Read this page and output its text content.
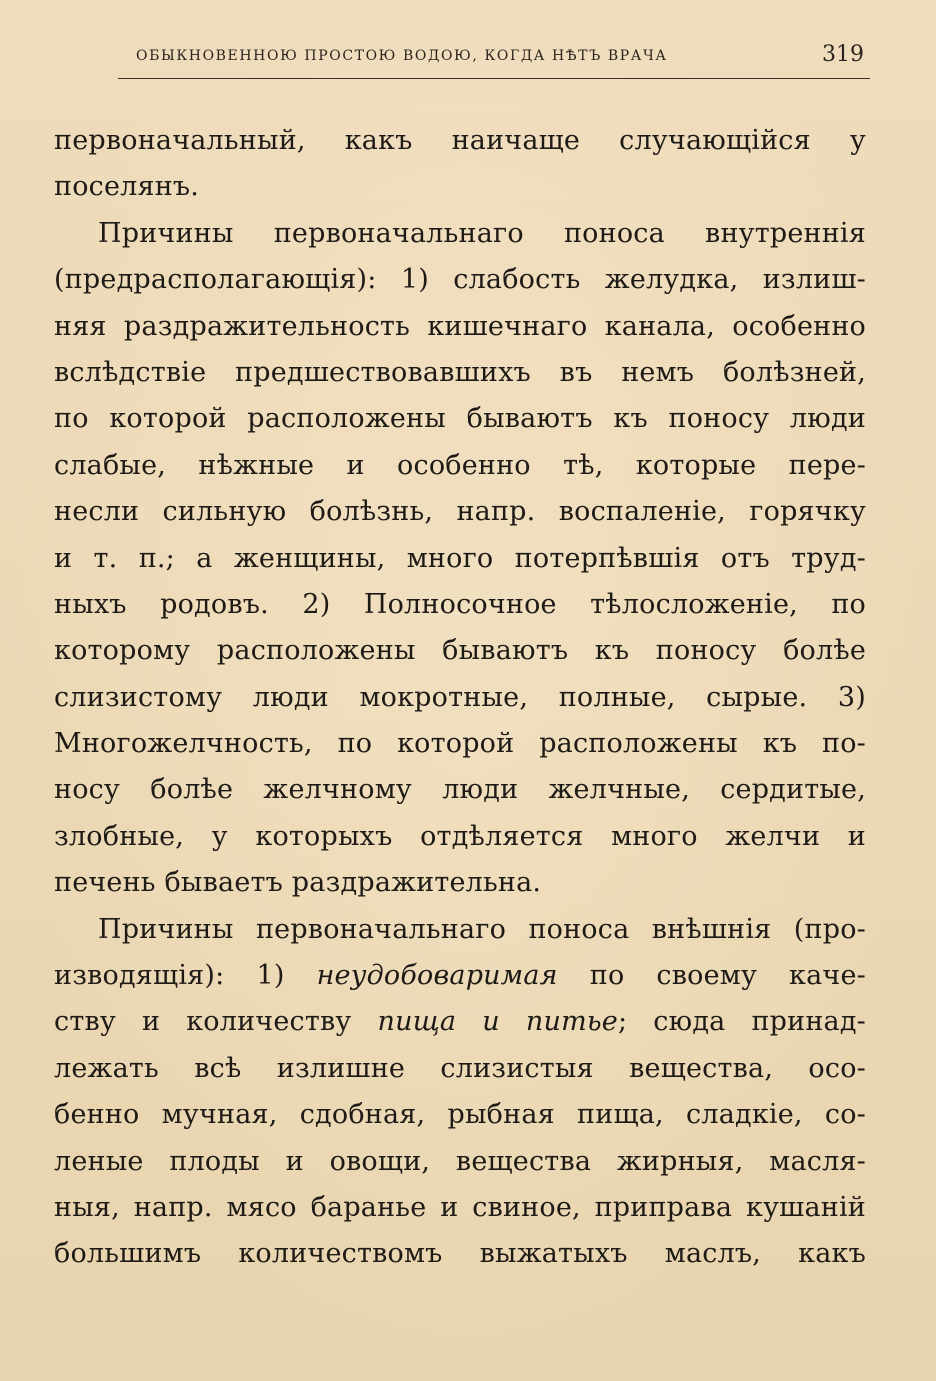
ОБЫКНОВЕННОЮ ПРОСТОЮ ВОДОЮ, КОГДА НѢТЪ ВРАЧА	319
первоначальный, какъ наичаще случающійся у
поселянъ.
Причины первоначальнаго поноса внутреннія
(предрасполагающія): 1) слабость желудка, излиш-
няя раздражительность кишечнаго канала, особенно
вслѣдствіе предшествовавшихъ въ немъ болѣзней,
по которой расположены бываютъ къ поносу люди
слабые, нѣжные и особенно тѣ, которые пере-
несли сильную болѣзнь, напр. воспаленіе, горячку
и т. п.; а женщины, много потерпѣвшія отъ труд-
ныхъ родовъ. 2) Полносочное тѣлосложеніе, по
которому расположены бываютъ къ поносу болѣе
слизистому люди мокротные, полные, сырые. 3)
Многожелчность, по которой расположены къ по-
носу болѣе желчному люди желчные, сердитые,
злобные, у которыхъ отдѣляется много желчи и
печень бываетъ раздражительна.
Причины первоначальнаго поноса внѣшнія (про-
изводящія): 1) неудобоваримая по своему каче-
ству и количеству пища и питье; сюда принад-
лежать всѣ излишне слизистыя вещества, осо-
бенно мучная, сдобная, рыбная пища, сладкіе, со-
леные плоды и овощи, вещества жирныя, масля-
ныя, напр. мясо баранье и свиное, приправа кушаній
большимъ количествомъ выжатыхъ маслъ, какъ
